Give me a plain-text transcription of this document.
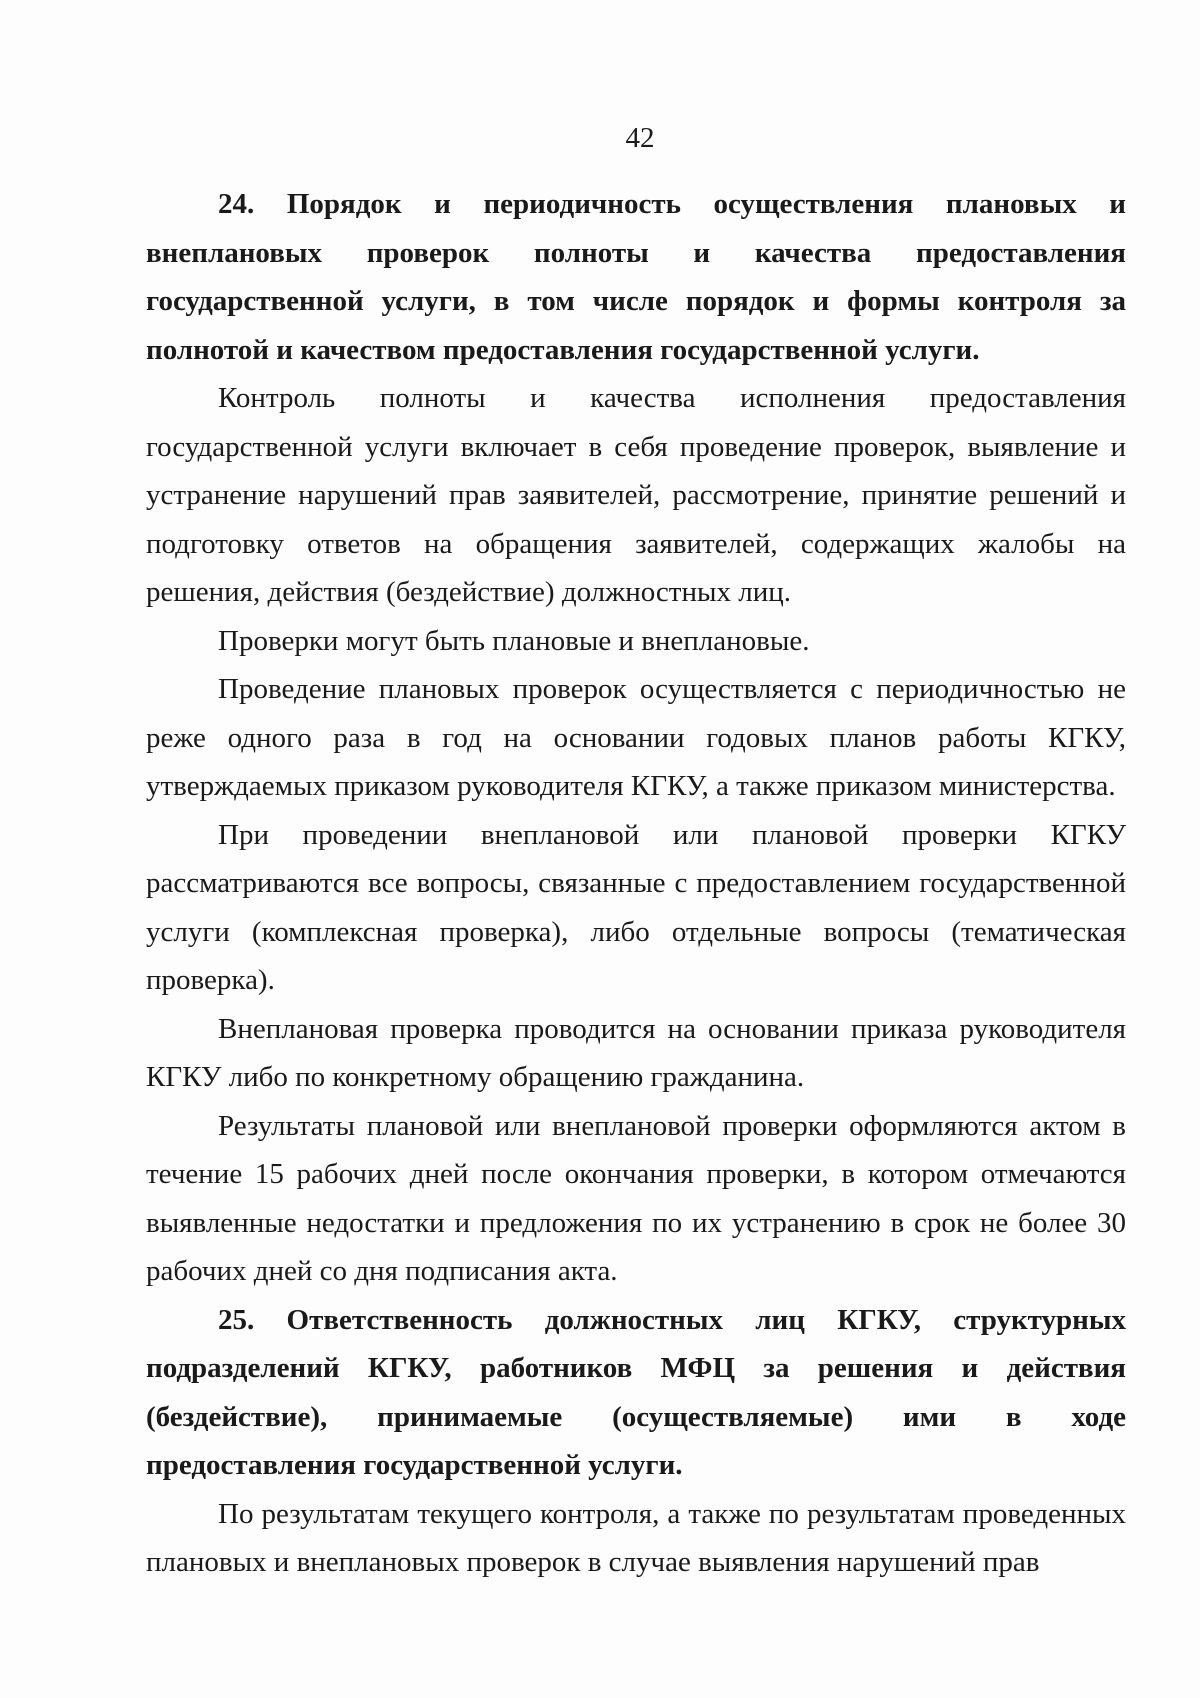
42

24. Порядок и периодичность осуществления плановых и внеплановых проверок полноты и качества предоставления государственной услуги, в том числе порядок и формы контроля за полнотой и качеством предоставления государственной услуги.

Контроль полноты и качества исполнения предоставления государственной услуги включает в себя проведение проверок, выявление и устранение нарушений прав заявителей, рассмотрение, принятие решений и подготовку ответов на обращения заявителей, содержащих жалобы на решения, действия (бездействие) должностных лиц.

Проверки могут быть плановые и внеплановые.

Проведение плановых проверок осуществляется с периодичностью не реже одного раза в год на основании годовых планов работы КГКУ, утверждаемых приказом руководителя КГКУ, а также приказом министерства.

При проведении внеплановой или плановой проверки КГКУ рассматриваются все вопросы, связанные с предоставлением государственной услуги (комплексная проверка), либо отдельные вопросы (тематическая проверка).

Внеплановая проверка проводится на основании приказа руководителя КГКУ либо по конкретному обращению гражданина.

Результаты плановой или внеплановой проверки оформляются актом в течение 15 рабочих дней после окончания проверки, в котором отмечаются выявленные недостатки и предложения по их устранению в срок не более 30 рабочих дней со дня подписания акта.

25. Ответственность должностных лиц КГКУ, структурных подразделений КГКУ, работников МФЦ за решения и действия (бездействие), принимаемые (осуществляемые) ими в ходе предоставления государственной услуги.

По результатам текущего контроля, а также по результатам проведенных плановых и внеплановых проверок в случае выявления нарушений прав
